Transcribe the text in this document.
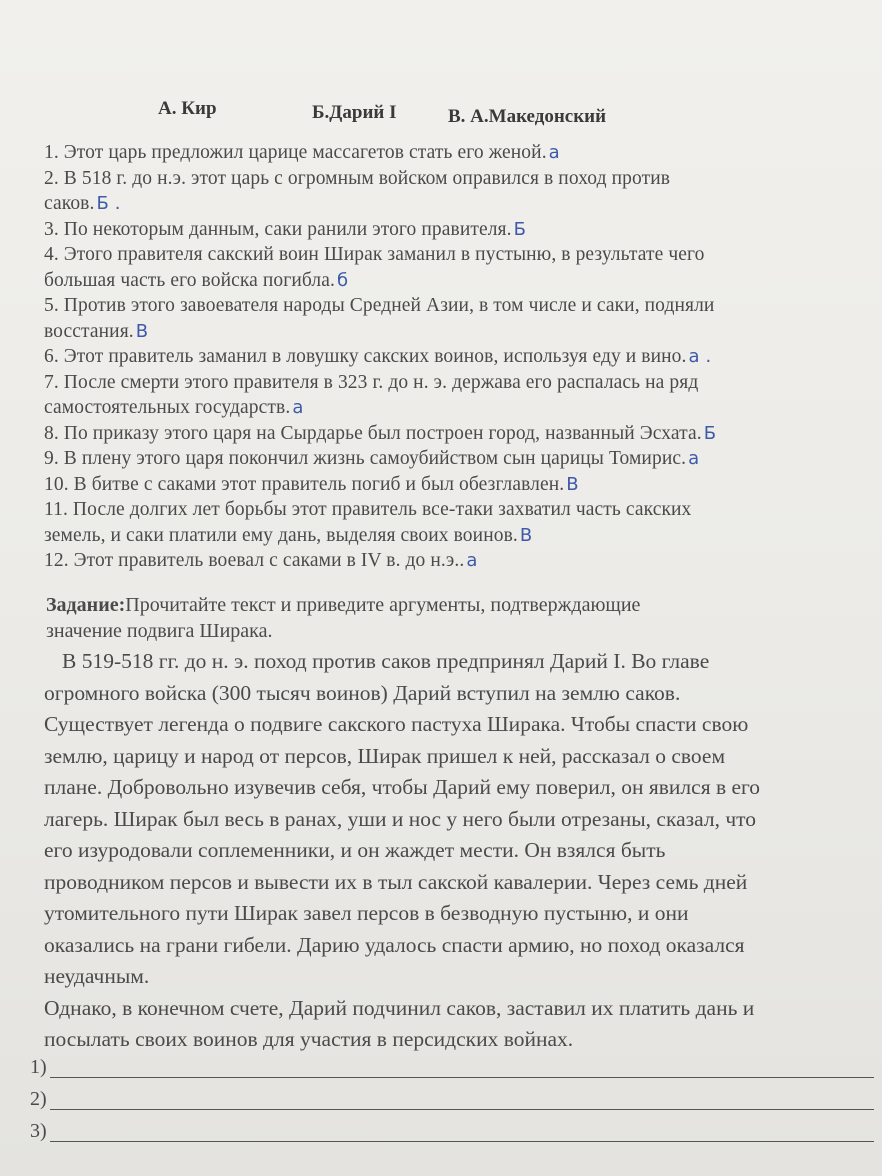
А. Кир	Б.Дарий I	В. А.Македонский
1. Этот царь предложил царице массагетов стать его женой. а
2. В 518 г. до н.э. этот царь с огромным войском оправился в поход против
саков. Б .
3. По некоторым данным, саки ранили этого правителя. Б
4. Этого правителя сакский воин Ширак заманил в пустыню, в результате чего
большая часть его войска погибла. б
5. Против этого завоевателя народы Средней Азии, в том числе и саки, подняли
восстания. В
6. Этот правитель заманил в ловушку сакских воинов, используя еду и вино. а .
7. После смерти этого правителя в 323 г. до н. э. держава его распалась на ряд
самостоятельных государств. а
8. По приказу этого царя на Сырдарье был построен город, названный Эсхата. Б
9. В плену этого царя покончил жизнь самоубийством сын царицы Томирис. а
10. В битве с саками этот правитель погиб и был обезглавлен. В
11. После долгих лет борьбы этот правитель все-таки захватил часть сакских
земель, и саки платили ему дань, выделяя своих воинов. В
12. Этот правитель воевал с саками в IV в. до н.э.. а
Задание:Прочитайте текст и приведите аргументы, подтверждающие
значение подвига Ширака.
В 519-518 гг. до н. э. поход против саков предпринял Дарий I. Во главе
огромного войска (300 тысяч воинов) Дарий вступил на землю саков.
Существует легенда о подвиге сакского пастуха Ширака. Чтобы спасти свою
землю, царицу и народ от персов, Ширак пришел к ней, рассказал о своем
плане. Добровольно изувечив себя, чтобы Дарий ему поверил, он явился в его
лагерь. Ширак был весь в ранах, уши и нос у него были отрезаны, сказал, что
его изуродовали соплеменники, и он жаждет мести. Он взялся быть
проводником персов и вывести их в тыл сакской кавалерии. Через семь дней
утомительного пути Ширак завел персов в безводную пустыню, и они
оказались на грани гибели. Дарию удалось спасти армию, но поход оказался
неудачным.
Однако, в конечном счете, Дарий подчинил саков, заставил их платить дань и
посылать своих воинов для участия в персидских войнах.
1)
2)
3)
